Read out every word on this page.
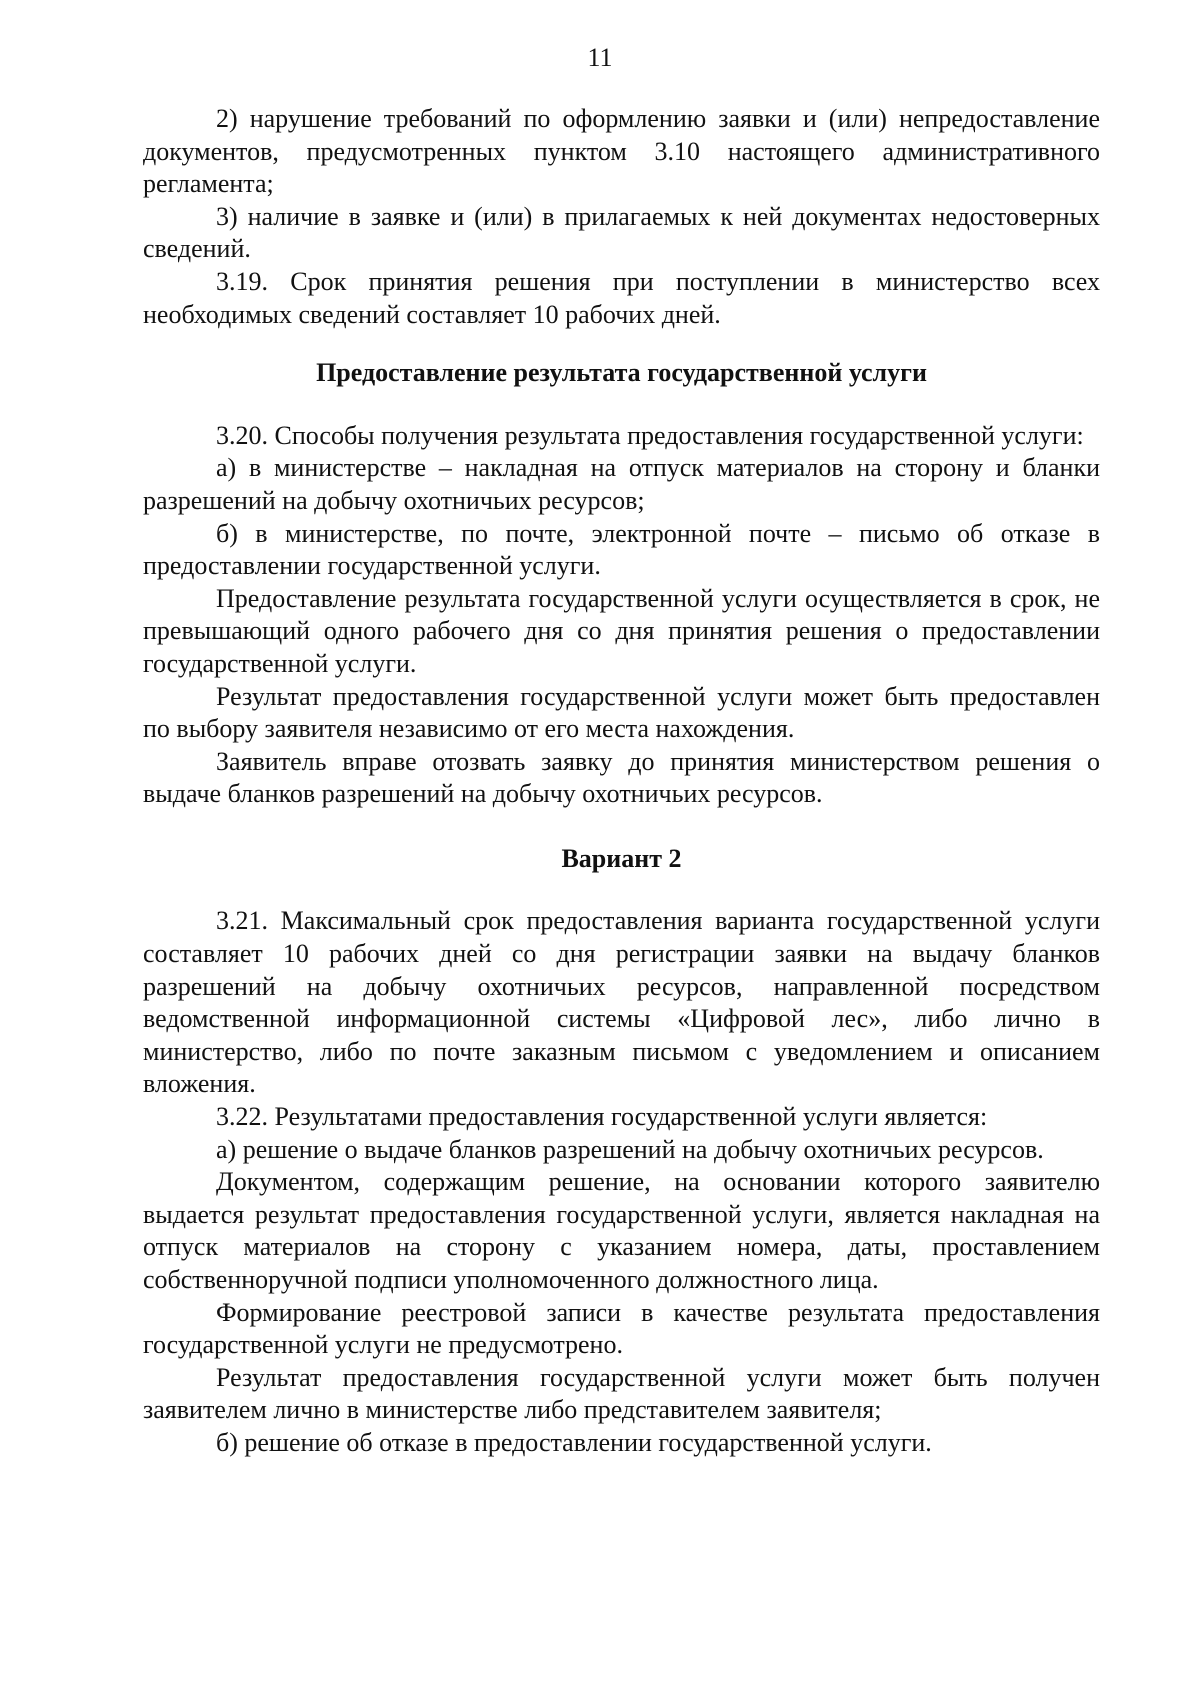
11

2) нарушение требований по оформлению заявки и (или) непредоставление документов, предусмотренных пунктом 3.10 настоящего административного регламента;

3) наличие в заявке и (или) в прилагаемых к ней документах недостоверных сведений.

3.19. Срок принятия решения при поступлении в министерство всех необходимых сведений составляет 10 рабочих дней.

Предоставление результата государственной услуги

3.20. Способы получения результата предоставления государственной услуги:

а) в министерстве – накладная на отпуск материалов на сторону и бланки разрешений на добычу охотничьих ресурсов;

б) в министерстве, по почте, электронной почте – письмо об отказе в предоставлении государственной услуги.

Предоставление результата государственной услуги осуществляется в срок, не превышающий одного рабочего дня со дня принятия решения о предоставлении государственной услуги.

Результат предоставления государственной услуги может быть предоставлен по выбору заявителя независимо от его места нахождения.

Заявитель вправе отозвать заявку до принятия министерством решения о выдаче бланков разрешений на добычу охотничьих ресурсов.

Вариант 2

3.21. Максимальный срок предоставления варианта государственной услуги составляет 10 рабочих дней со дня регистрации заявки на выдачу бланков разрешений на добычу охотничьих ресурсов, направленной посредством ведомственной информационной системы «Цифровой лес», либо лично в министерство, либо по почте заказным письмом с уведомлением и описанием вложения.

3.22. Результатами предоставления государственной услуги является:

а) решение о выдаче бланков разрешений на добычу охотничьих ресурсов.

Документом, содержащим решение, на основании которого заявителю выдается результат предоставления государственной услуги, является накладная на отпуск материалов на сторону с указанием номера, даты, проставлением собственноручной подписи уполномоченного должностного лица.

Формирование реестровой записи в качестве результата предоставления государственной услуги не предусмотрено.

Результат предоставления государственной услуги может быть получен заявителем лично в министерстве либо представителем заявителя;

б) решение об отказе в предоставлении государственной услуги.
